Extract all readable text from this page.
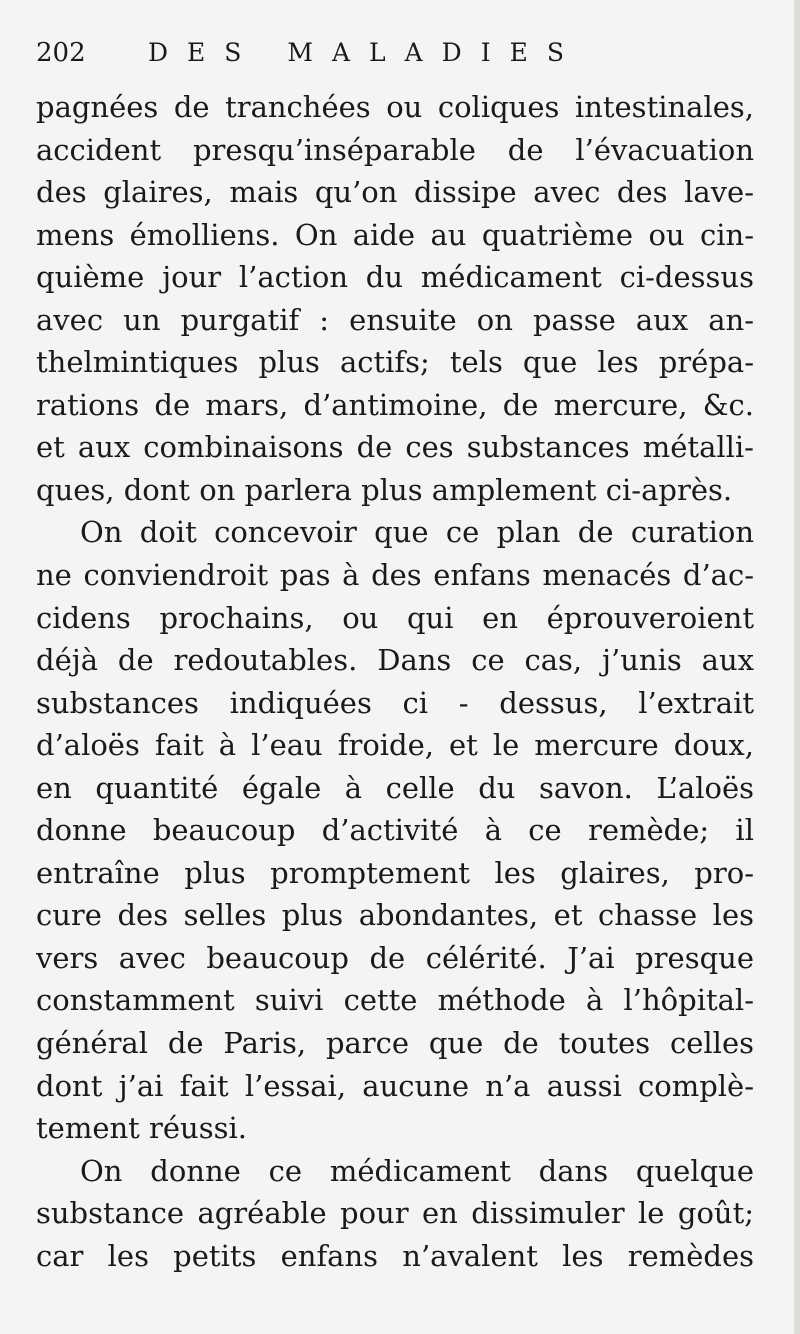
202 DES MALADIES
pagnées de tranchées ou coliques intestinales,
accident presqu’inséparable de l’évacuation
des glaires, mais qu’on dissipe avec des lave-
mens émolliens. On aide au quatrième ou cin-
quième jour l’action du médicament ci-dessus
avec un purgatif : ensuite on passe aux an-
thelmintiques plus actifs; tels que les prépa-
rations de mars, d’antimoine, de mercure, &c.
et aux combinaisons de ces substances métalli-
ques, dont on parlera plus amplement ci-après.
On doit concevoir que ce plan de curation
ne conviendroit pas à des enfans menacés d’ac-
cidens prochains, ou qui en éprouveroient
déjà de redoutables. Dans ce cas, j’unis aux
substances indiquées ci - dessus, l’extrait
d’aloës fait à l’eau froide, et le mercure doux,
en quantité égale à celle du savon. L’aloës
donne beaucoup d’activité à ce remède; il
entraîne plus promptement les glaires, pro-
cure des selles plus abondantes, et chasse les
vers avec beaucoup de célérité. J’ai presque
constamment suivi cette méthode à l’hôpital-
général de Paris, parce que de toutes celles
dont j’ai fait l’essai, aucune n’a aussi complè-
tement réussi.
On donne ce médicament dans quelque
substance agréable pour en dissimuler le goût;
car les petits enfans n’avalent les remèdes
